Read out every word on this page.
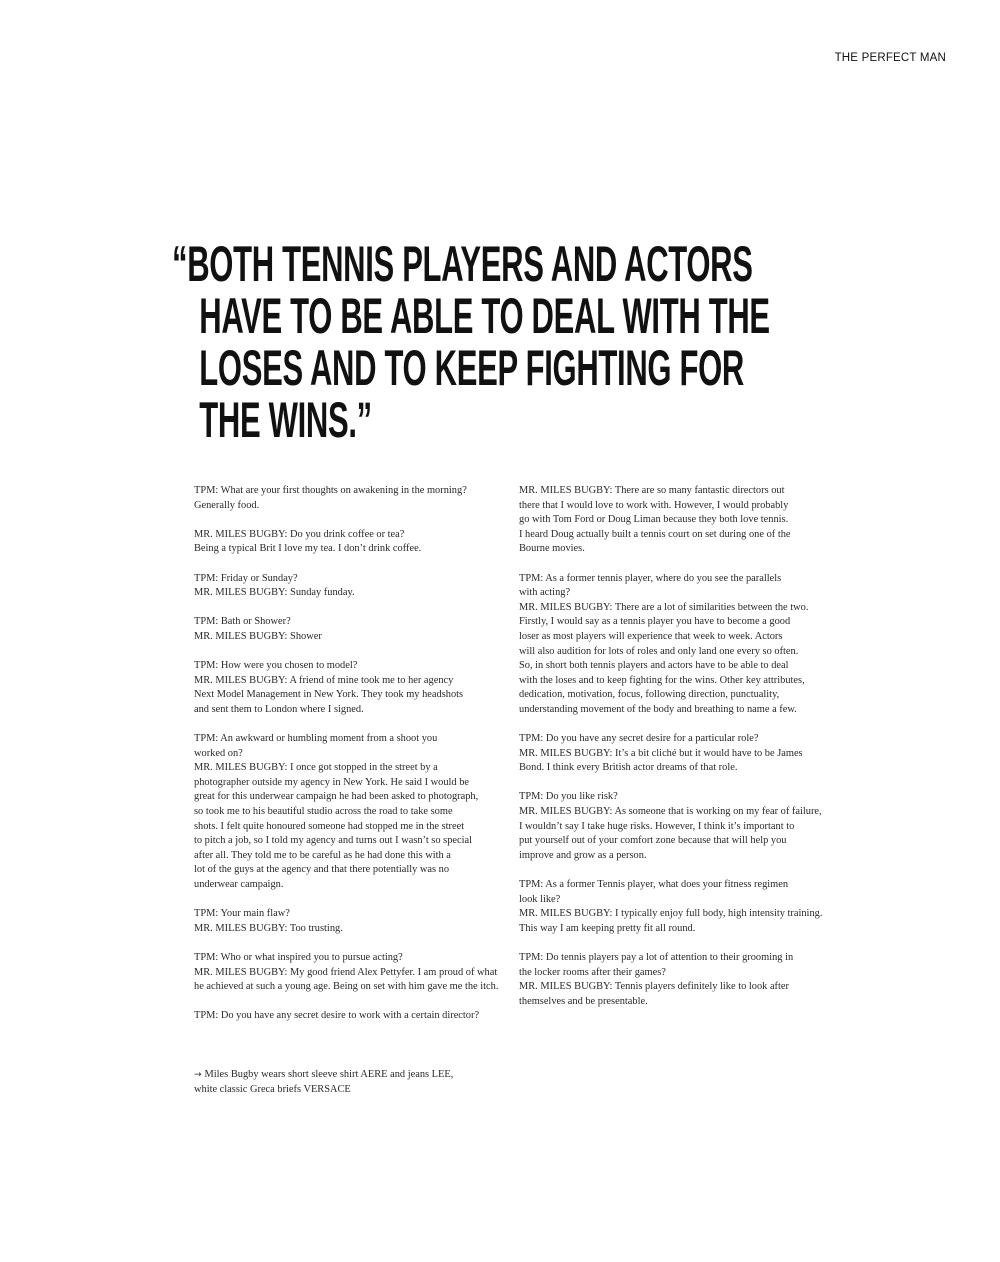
THE PERFECT MAN
“BOTH TENNIS PLAYERS AND ACTORS
HAVE TO BE ABLE TO DEAL WITH THE
LOSES AND TO KEEP FIGHTING FOR
THE WINS.”
TPM: What are your first thoughts on awakening in the morning?
Generally food.
MR. MILES BUGBY: Do you drink coffee or tea?
Being a typical Brit I love my tea. I don’t drink coffee.
TPM: Friday or Sunday?
MR. MILES BUGBY: Sunday funday.
TPM: Bath or Shower?
MR. MILES BUGBY: Shower
TPM: How were you chosen to model?
MR. MILES BUGBY: A friend of mine took me to her agency
Next Model Management in New York. They took my headshots
and sent them to London where I signed.
TPM: An awkward or humbling moment from a shoot you
worked on?
MR. MILES BUGBY: I once got stopped in the street by a
photographer outside my agency in New York. He said I would be
great for this underwear campaign he had been asked to photograph,
so took me to his beautiful studio across the road to take some
shots. I felt quite honoured someone had stopped me in the street
to pitch a job, so I told my agency and turns out I wasn’t so special
after all. They told me to be careful as he had done this with a
lot of the guys at the agency and that there potentially was no
underwear campaign.
TPM: Your main flaw?
MR. MILES BUGBY: Too trusting.
TPM: Who or what inspired you to pursue acting?
MR. MILES BUGBY: My good friend Alex Pettyfer. I am proud of what
he achieved at such a young age. Being on set with him gave me the itch.
TPM: Do you have any secret desire to work with a certain director?
MR. MILES BUGBY: There are so many fantastic directors out
there that I would love to work with. However, I would probably
go with Tom Ford or Doug Liman because they both love tennis.
I heard Doug actually built a tennis court on set during one of the
Bourne movies.
TPM: As a former tennis player, where do you see the parallels
with acting?
MR. MILES BUGBY: There are a lot of similarities between the two.
Firstly, I would say as a tennis player you have to become a good
loser as most players will experience that week to week. Actors
will also audition for lots of roles and only land one every so often.
So, in short both tennis players and actors have to be able to deal
with the loses and to keep fighting for the wins. Other key attributes,
dedication, motivation, focus, following direction, punctuality,
understanding movement of the body and breathing to name a few.
TPM: Do you have any secret desire for a particular role?
MR. MILES BUGBY: It’s a bit cliché but it would have to be James
Bond. I think every British actor dreams of that role.
TPM: Do you like risk?
MR. MILES BUGBY: As someone that is working on my fear of failure,
I wouldn’t say I take huge risks. However, I think it’s important to
put yourself out of your comfort zone because that will help you
improve and grow as a person.
TPM: As a former Tennis player, what does your fitness regimen
look like?
MR. MILES BUGBY: I typically enjoy full body, high intensity training.
This way I am keeping pretty fit all round.
TPM: Do tennis players pay a lot of attention to their grooming in
the locker rooms after their games?
MR. MILES BUGBY: Tennis players definitely like to look after
themselves and be presentable.
→ Miles Bugby wears short sleeve shirt AERE and jeans LEE,
white classic Greca briefs VERSACE
